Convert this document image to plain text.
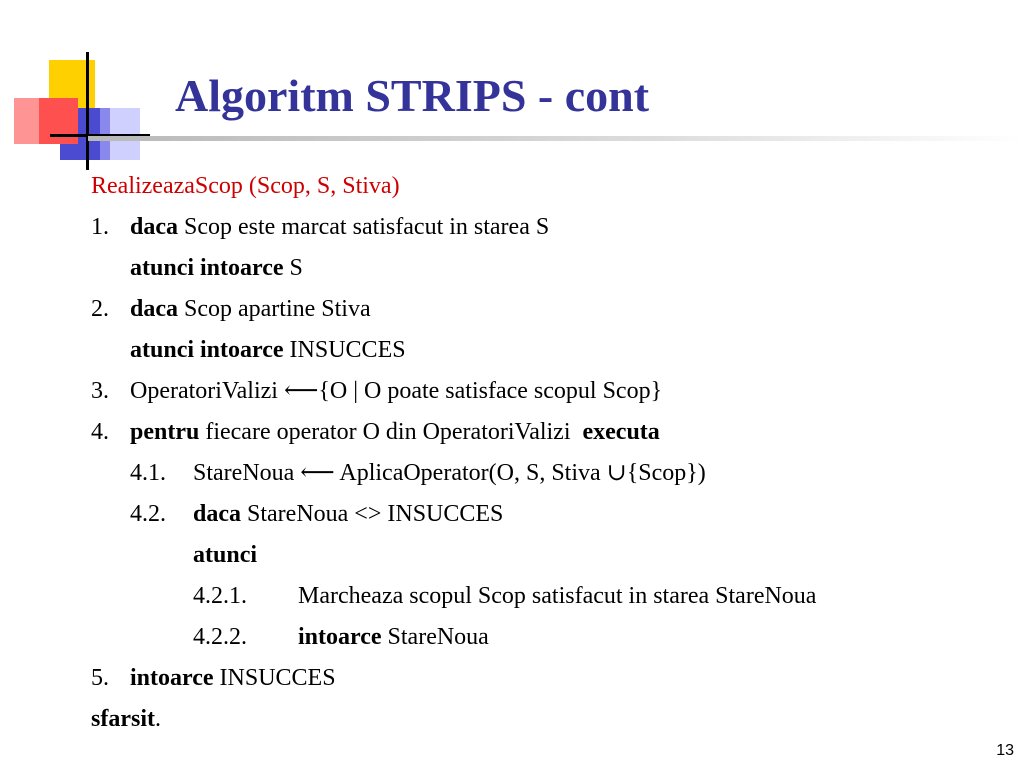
Algoritm STRIPS - cont
RealizeazaScop (Scop, S, Stiva)
1. daca Scop este marcat satisfacut in starea S
atunci intoarce S
2. daca Scop apartine Stiva
atunci intoarce INSUCCES
3. OperatoriValizi ⟵{O | O poate satisface scopul Scop}
4. pentru fiecare operator O din OperatoriValizi  executa
4.1. StareNoua ⟵ AplicaOperator(O, S, Stiva ∪{Scop})
4.2. daca StareNoua <> INSUCCES
atunci
4.2.1. Marcheaza scopul Scop satisfacut in starea StareNoua
4.2.2. intoarce StareNoua
5. intoarce INSUCCES
sfarsit.
13
